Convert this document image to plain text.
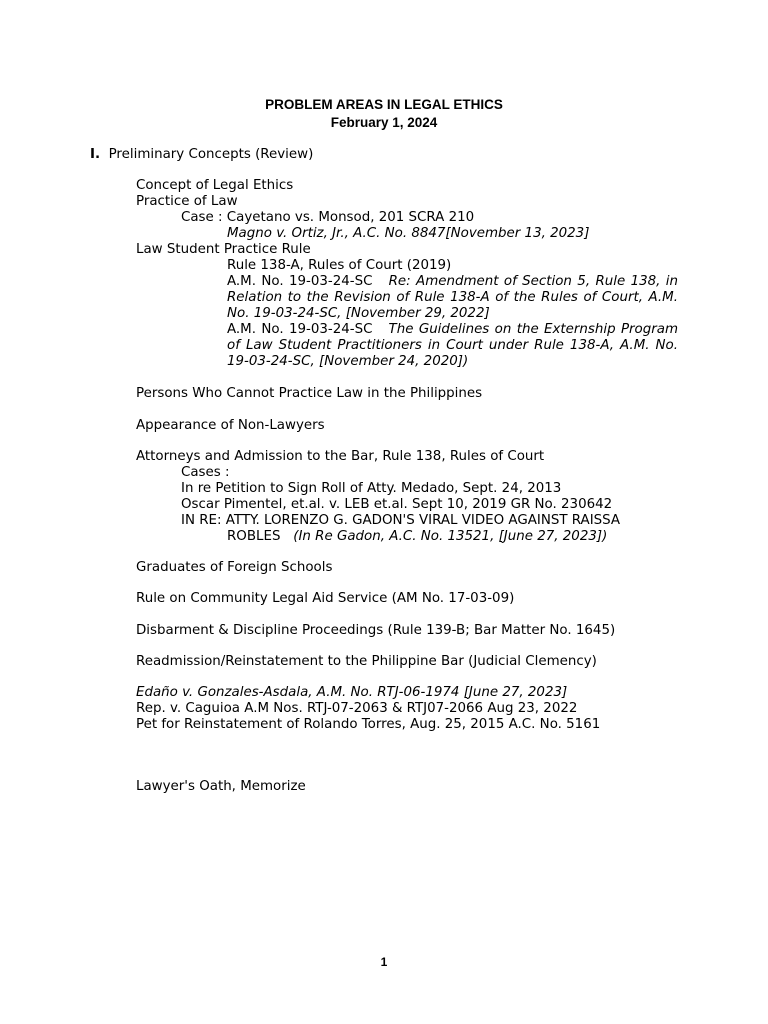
PROBLEM AREAS IN LEGAL ETHICS
February 1, 2024
I. Preliminary Concepts (Review)
Concept of Legal Ethics
Practice of Law
Case : Cayetano vs. Monsod, 201 SCRA 210
Magno v. Ortiz, Jr., A.C. No. 8847[November 13, 2023]
Law Student Practice Rule
Rule 138-A, Rules of Court (2019)
A.M. No. 19-03-24-SC Re: Amendment of Section 5, Rule 138, in Relation to the Revision of Rule 138-A of the Rules of Court, A.M. No. 19-03-24-SC, [November 29, 2022]
A.M. No. 19-03-24-SC The Guidelines on the Externship Program of Law Student Practitioners in Court under Rule 138-A, A.M. No. 19-03-24-SC, [November 24, 2020])
Persons Who Cannot Practice Law in the Philippines
Appearance of Non-Lawyers
Attorneys and Admission to the Bar, Rule 138, Rules of Court
Cases :
In re Petition to Sign Roll of Atty. Medado, Sept. 24, 2013
Oscar Pimentel, et.al. v. LEB et.al. Sept 10, 2019 GR No. 230642
IN RE: ATTY. LORENZO G. GADON'S VIRAL VIDEO AGAINST RAISSA
ROBLES (In Re Gadon, A.C. No. 13521, [June 27, 2023])
Graduates of Foreign Schools
Rule on Community Legal Aid Service (AM No. 17-03-09)
Disbarment & Discipline Proceedings (Rule 139-B; Bar Matter No. 1645)
Readmission/Reinstatement to the Philippine Bar (Judicial Clemency)
Edaño v. Gonzales-Asdala, A.M. No. RTJ-06-1974 [June 27, 2023]
Rep. v. Caguioa A.M Nos. RTJ-07-2063 & RTJ07-2066 Aug 23, 2022
Pet for Reinstatement of Rolando Torres, Aug. 25, 2015 A.C. No. 5161
Lawyer's Oath, Memorize
1
